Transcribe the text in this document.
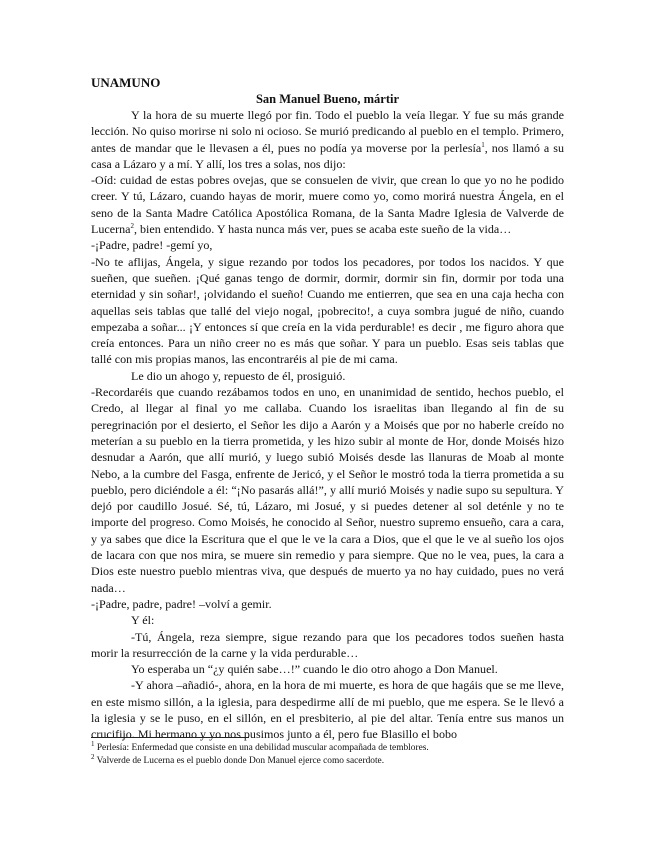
UNAMUNO
San Manuel Bueno, mártir

Y la hora de su muerte llegó por fin. Todo el pueblo la veía llegar. Y fue su más grande lección. No quiso morirse ni solo ni ocioso. Se murió predicando al pueblo en el templo. Primero, antes de mandar que le llevasen a él, pues no podía ya moverse por la perlesía$^1$, nos llamó a su casa a Lázaro y a mí. Y allí, los tres a solas, nos dijo:

-Oíd: cuidad de estas pobres ovejas, que se consuelen de vivir, que crean lo que yo no he podido creer. Y tú, Lázaro, cuando hayas de morir, muere como yo, como morirá nuestra Ángela, en el seno de la Santa Madre Católica Apostólica Romana, de la Santa Madre Iglesia de Valverde de Lucerna$^2$, bien entendido. Y hasta nunca más ver, pues se acaba este sueño de la vida…

-¡Padre, padre! -gemí yo,

-No te aflijas, Ángela, y sigue rezando por todos los pecadores, por todos los nacidos. Y que sueñen, que sueñen. ¡Qué ganas tengo de dormir, dormir, dormir sin fin, dormir por toda una eternidad y sin soñar!, ¡olvidando el sueño! Cuando me entierren, que sea en una caja hecha con aquellas seis tablas que tallé del viejo nogal, ¡pobrecito!, a cuya sombra jugué de niño, cuando empezaba a soñar... ¡Y entonces sí que creía en la vida perdurable! es decir , me figuro ahora que creía entonces. Para un niño creer no es más que soñar. Y para un pueblo. Esas seis tablas que tallé con mis propias manos, las encontraréis al pie de mi cama.

Le dio un ahogo y, repuesto de él, prosiguió.

-Recordaréis que cuando rezábamos todos en uno, en unanimidad de sentido, hechos pueblo, el Credo, al llegar al final yo me callaba. Cuando los israelitas iban llegando al fin de su peregrinación por el desierto, el Señor les dijo a Aarón y a Moisés que por no haberle creído no meterían a su pueblo en la tierra prometida, y les hizo subir al monte de Hor, donde Moisés hizo desnudar a Aarón, que allí murió, y luego subió Moisés desde las llanuras de Moab al monte Nebo, a la cumbre del Fasga, enfrente de Jericó, y el Señor le mostró toda la tierra prometida a su pueblo, pero diciéndole a él: “¡No pasarás allá!”, y allí murió Moisés y nadie supo su sepultura. Y dejó por caudillo Josué. Sé, tú, Lázaro, mi Josué, y si puedes detener al sol deténle y no te importe del progreso. Como Moisés, he conocido al Señor, nuestro supremo ensueño, cara a cara, y ya sabes que dice la Escritura que el que le ve la cara a Dios, que el que le ve al sueño los ojos de lacara con que nos mira, se muere sin remedio y para siempre. Que no le vea, pues, la cara a Dios este nuestro pueblo mientras viva, que después de muerto ya no hay cuidado, pues no verá nada…

-¡Padre, padre, padre! –volví a gemir.

Y él:

-Tú, Ángela, reza siempre, sigue rezando para que los pecadores todos sueñen hasta morir la resurrección de la carne y la vida perdurable…

Yo esperaba un “¿y quién sabe…!” cuando le dio otro ahogo a Don Manuel.

-Y ahora –añadió-, ahora, en la hora de mi muerte, es hora de que hagáis que se me lleve, en este mismo sillón, a la iglesia, para despedirme allí de mi pueblo, que me espera. Se le llevó a la iglesia y se le puso, en el sillón, en el presbiterio, al pie del altar. Tenía entre sus manos un crucifijo. Mi hermano y yo nos pusimos junto a él, pero fue Blasillo el bobo

$^1$ Perlesía: Enfermedad que consiste en una debilidad muscular acompañada de temblores.
$^2$ Valverde de Lucerna es el pueblo donde Don Manuel ejerce como sacerdote.
